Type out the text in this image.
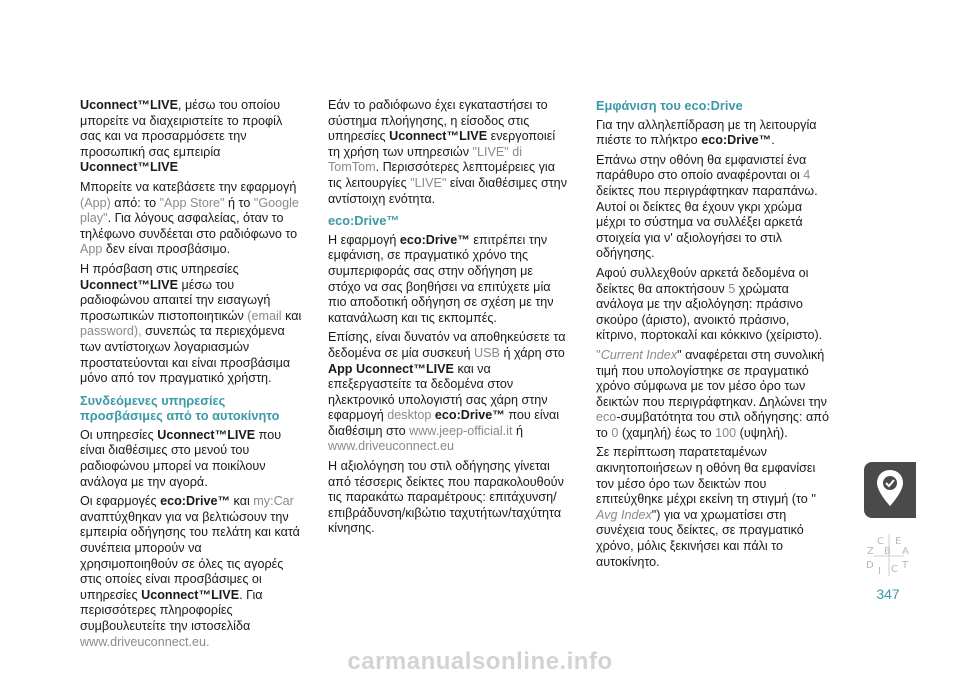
Uconnect™LIVE, μέσω του οποίου μπορείτε να διαχειριστείτε το προφίλ σας και να προσαρμόσετε την προσωπική σας εμπειρία Uconnect™LIVE

Μπορείτε να κατεβάσετε την εφαρμογή (App) από: το "App Store" ή το "Google play". Για λόγους ασφαλείας, όταν το τηλέφωνο συνδέεται στο ραδιόφωνο το App δεν είναι προσβάσιμο.

Η πρόσβαση στις υπηρεσίες Uconnect™LIVE μέσω του ραδιοφώνου απαιτεί την εισαγωγή προσωπικών πιστοποιητικών (email και password), συνεπώς τα περιεχόμενα των αντίστοιχων λογαριασμών προστατεύονται και είναι προσβάσιμα μόνο από τον πραγματικό χρήστη.

Συνδεόμενες υπηρεσίες προσβάσιμες από το αυτοκίνητο

Οι υπηρεσίες Uconnect™LIVE που είναι διαθέσιμες στο μενού του ραδιοφώνου μπορεί να ποικίλουν ανάλογα με την αγορά.

Οι εφαρμογές eco:Drive™ και my:Car αναπτύχθηκαν για να βελτιώσουν την εμπειρία οδήγησης του πελάτη και κατά συνέπεια μπορούν να χρησιμοποιηθούν σε όλες τις αγορές στις οποίες είναι προσβάσιμες οι υπηρεσίες Uconnect™LIVE. Για περισσότερες πληροφορίες συμβουλευτείτε την ιστοσελίδα www.driveuconnect.eu.

Εάν το ραδιόφωνο έχει εγκαταστήσει το σύστημα πλοήγησης, η είσοδος στις υπηρεσίες Uconnect™LIVE ενεργοποιεί τη χρήση των υπηρεσιών "LIVE" di TomTom. Περισσότερες λεπτομέρειες για τις λειτουργίες "LIVE" είναι διαθέσιμες στην αντίστοιχη ενότητα.

eco:Drive™

Η εφαρμογή eco:Drive™ επιτρέπει την εμφάνιση, σε πραγματικό χρόνο της συμπεριφοράς σας στην οδήγηση με στόχο να σας βοηθήσει να επιτύχετε μία πιο αποδοτική οδήγηση σε σχέση με την κατανάλωση και τις εκπομπές.

Επίσης, είναι δυνατόν να αποθηκεύσετε τα δεδομένα σε μία συσκευή USB ή χάρη στο App Uconnect™LIVE και να επεξεργαστείτε τα δεδομένα στον ηλεκτρονικό υπολογιστή σας χάρη στην εφαρμογή desktop eco:Drive™ που είναι διαθέσιμη στο www.jeep-official.it ή www.driveuconnect.eu

Η αξιολόγηση του στιλ οδήγησης γίνεται από τέσσερις δείκτες που παρακολουθούν τις παρακάτω παραμέτρους: επιτάχυνση/επιβράδυνση/κιβώτιο ταχυτήτων/ταχύτητα κίνησης.

Εμφάνιση του eco:Drive

Για την αλληλεπίδραση με τη λειτουργία πιέστε το πλήκτρο eco:Drive™.

Επάνω στην οθόνη θα εμφανιστεί ένα παράθυρο στο οποίο αναφέρονται οι 4 δείκτες που περιγράφτηκαν παραπάνω. Αυτοί οι δείκτες θα έχουν γκρι χρώμα μέχρι το σύστημα να συλλέξει αρκετά στοιχεία για ν' αξιολογήσει το στιλ οδήγησης.

Αφού συλλεχθούν αρκετά δεδομένα οι δείκτες θα αποκτήσουν 5 χρώματα ανάλογα με την αξιολόγηση: πράσινο σκούρο (άριστο), ανοικτό πράσινο, κίτρινο, πορτοκαλί και κόκκινο (χείριστο).

''Current Index" αναφέρεται στη συνολική τιμή που υπολογίστηκε σε πραγματικό χρόνο σύμφωνα με τον μέσο όρο των δεικτών που περιγράφτηκαν. Δηλώνει την eco-συμβατότητα του στιλ οδήγησης: από το 0 (χαμηλή) έως το 100 (υψηλή).

Σε περίπτωση παρατεταμένων ακινητοποιήσεων η οθόνη θα εμφανίσει τον μέσο όρο των δεικτών που επιτεύχθηκε μέχρι εκείνη τη στιγμή (το '' Avg Index") για να χρωματίσει στη συνέχεια τους δείκτες, σε πραγματικό χρόνο, μόλις ξεκινήσει και πάλι το αυτοκίνητο.

C E
Z B A
D
I C T
347
carmanualsonline.info
